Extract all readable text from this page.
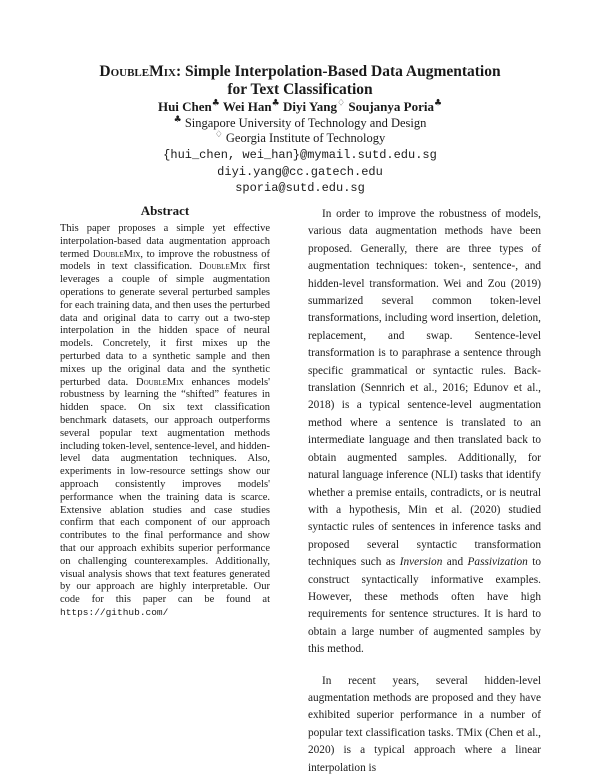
DoubleMix: Simple Interpolation-Based Data Augmentation
for Text Classification

Hui Chen♣ Wei Han♣ Diyi Yang♢ Soujanya Poria♣

♣ Singapore University of Technology and Design

♢ Georgia Institute of Technology

{hui_chen, wei_han}@mymail.sutd.edu.sg

diyi.yang@cc.gatech.edu

sporia@sutd.edu.sg

Abstract

This paper proposes a simple yet effective interpolation-based data augmentation approach termed DoubleMix, to improve the robustness of models in text classification. DoubleMix first leverages a couple of simple augmentation operations to generate several perturbed samples for each training data, and then uses the perturbed data and original data to carry out a two-step interpolation in the hidden space of neural models. Concretely, it first mixes up the perturbed data to a synthetic sample and then mixes up the original data and the synthetic perturbed data. DoubleMix enhances models' robustness by learning the “shifted” features in hidden space. On six text classification benchmark datasets, our approach outperforms several popular text augmentation methods including token-level, sentence-level, and hidden-level data augmentation techniques. Also, experiments in low-resource settings show our approach consistently improves models' performance when the training data is scarce. Extensive ablation studies and case studies confirm that each component of our approach contributes to the final performance and show that our approach exhibits superior performance on challenging counterexamples. Additionally, visual analysis shows that text features generated by our approach are highly interpretable. Our code for this paper can be found at https://github.com/

In order to improve the robustness of models, various data augmentation methods have been proposed. Generally, there are three types of augmentation techniques: token-, sentence-, and hidden-level transformation. Wei and Zou (2019) summarized several common token-level transformations, including word insertion, deletion, replacement, and swap. Sentence-level transformation is to paraphrase a sentence through specific grammatical or syntactic rules. Back-translation (Sennrich et al., 2016; Edunov et al., 2018) is a typical sentence-level augmentation method where a sentence is translated to an intermediate language and then translated back to obtain augmented samples. Additionally, for natural language inference (NLI) tasks that identify whether a premise entails, contradicts, or is neutral with a hypothesis, Min et al. (2020) studied syntactic rules of sentences in inference tasks and proposed several syntactic transformation techniques such as Inversion and Passivization to construct syntactically informative examples. However, these methods often have high requirements for sentence structures. It is hard to obtain a large number of augmented samples by this method.

In recent years, several hidden-level augmentation methods are proposed and they have exhibited superior performance in a number of popular text classification tasks. TMix (Chen et al., 2020) is a typical approach where a linear interpolation is
